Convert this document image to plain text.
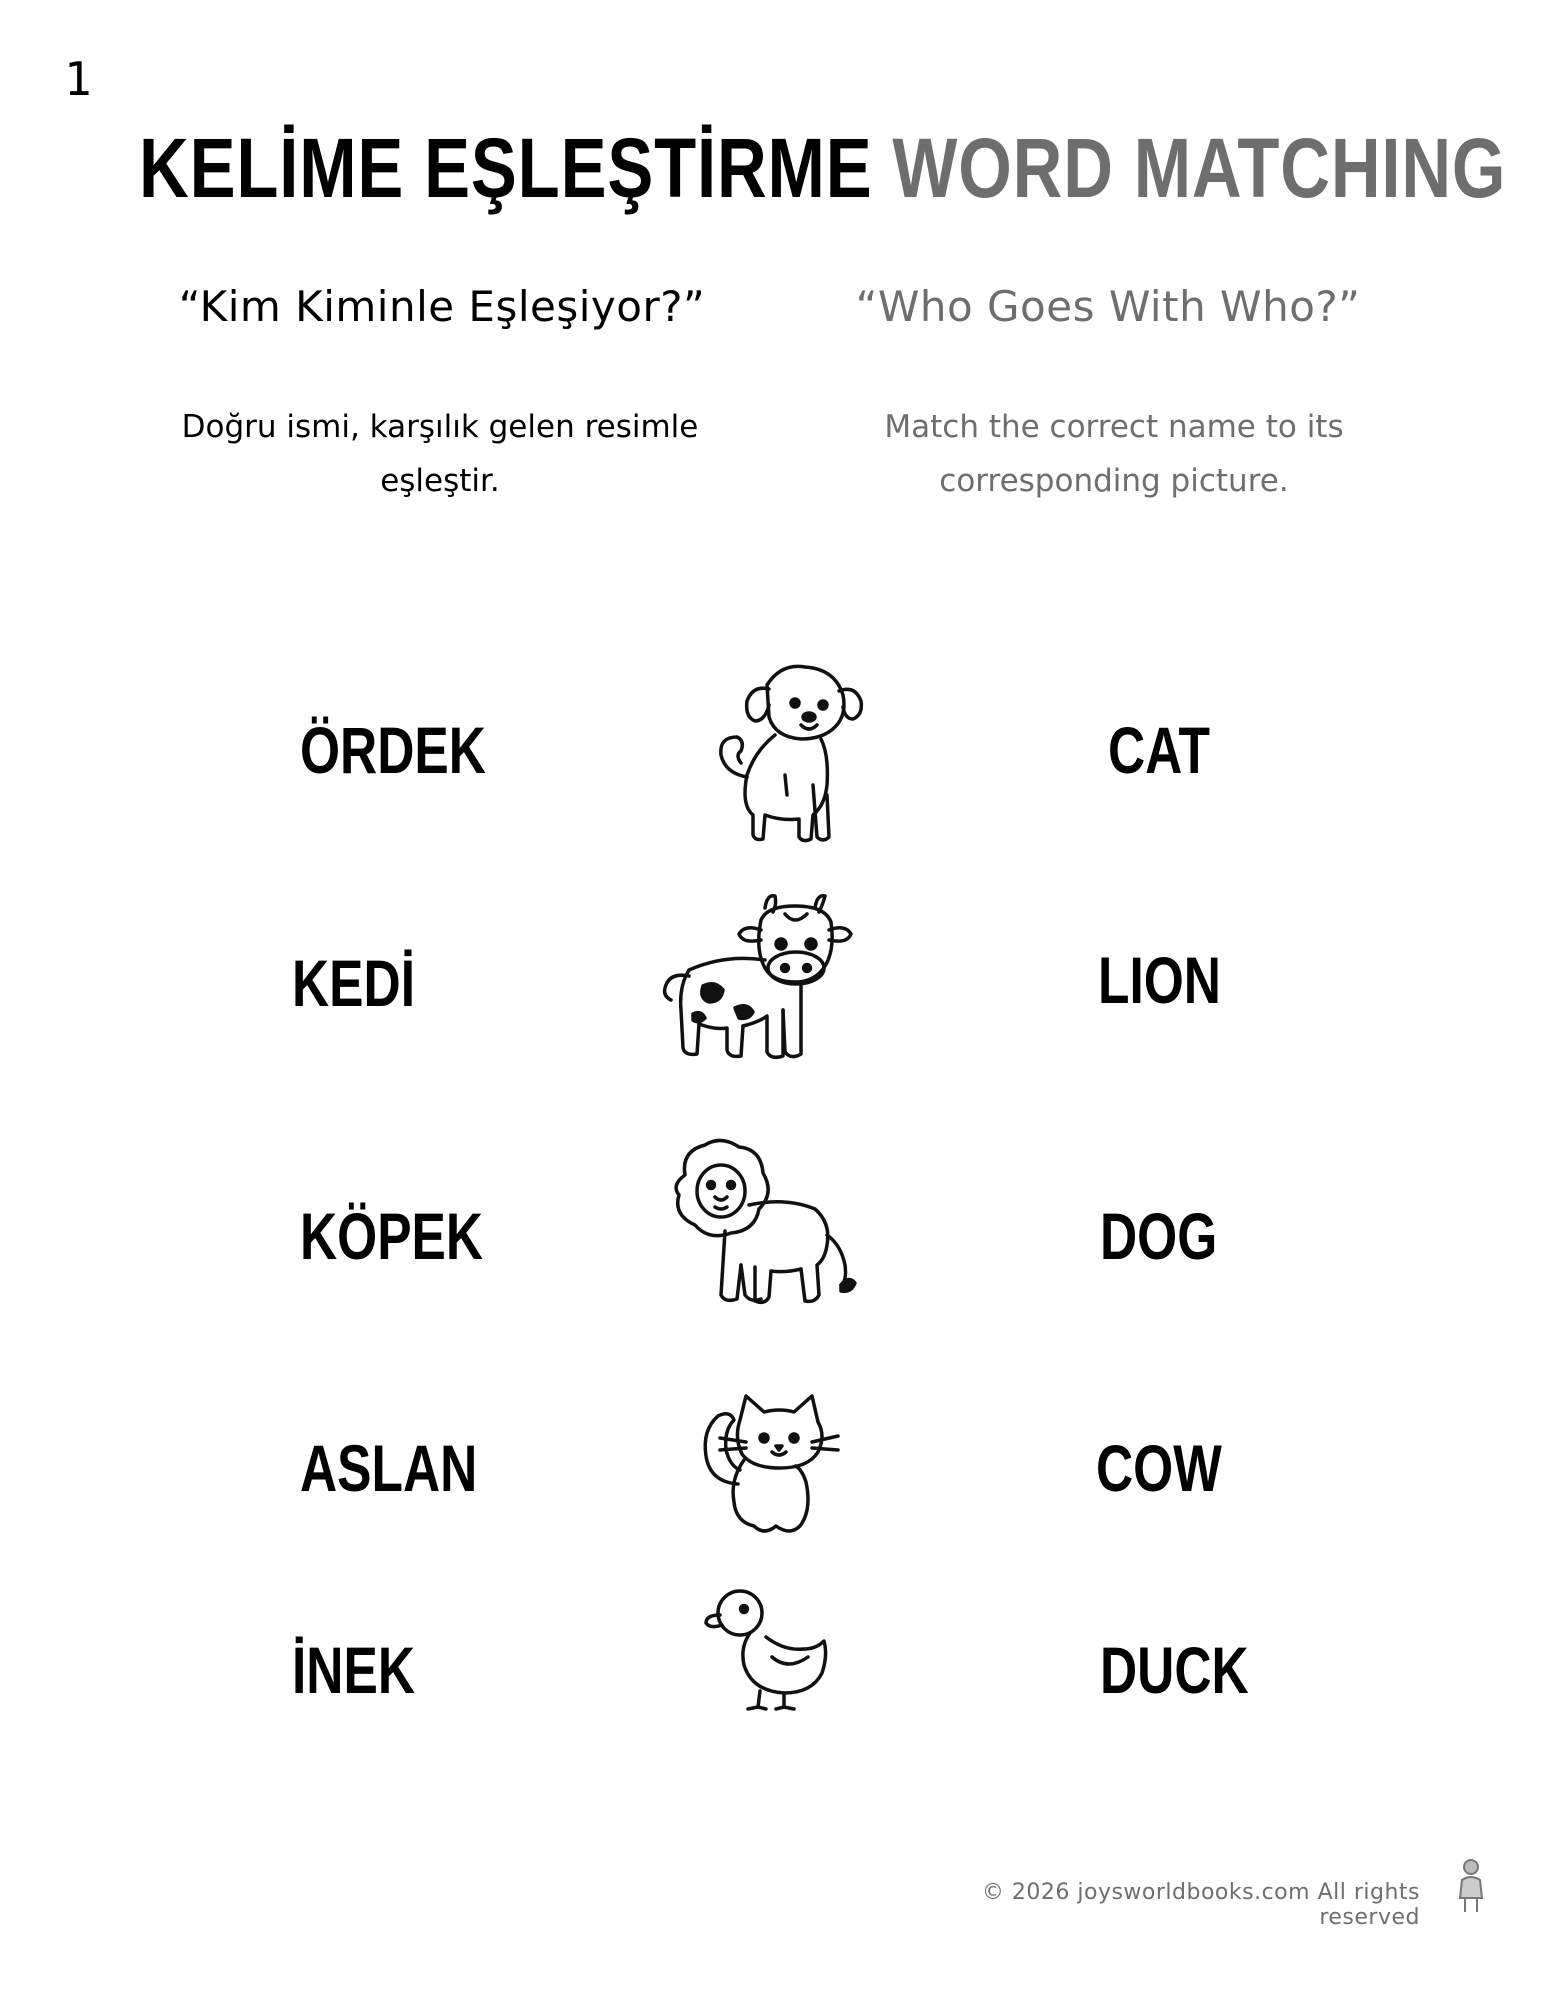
1
KELİME EŞLEŞTİRME WORD MATCHING
“Kim Kiminle Eşleşiyor?”	“Who Goes With Who?”
Doğru ismi, karşılık gelen resimle
eşleştir.
Match the correct name to its
corresponding picture.
ÖRDEK
KEDİ
KÖPEK
ASLAN
İNEK
CAT
LION
DOG
COW
DUCK
© 2026 joysworldbooks.com All rights reserved
